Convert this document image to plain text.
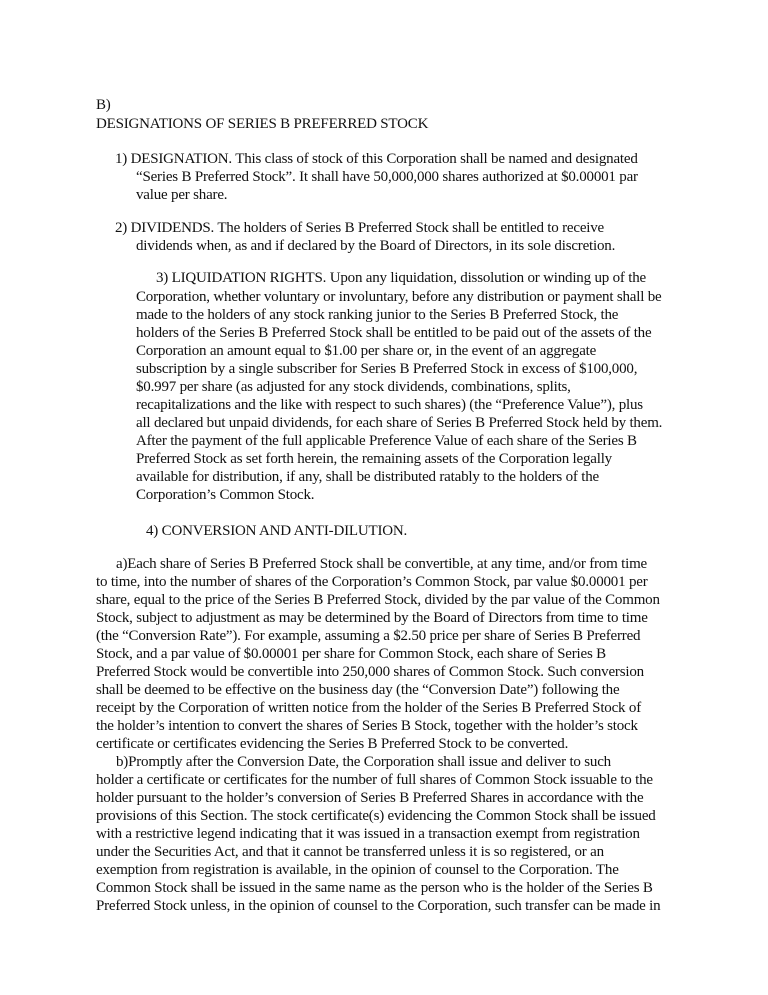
B)
DESIGNATIONS OF SERIES B PREFERRED STOCK
1) DESIGNATION. This class of stock of this Corporation shall be named and designated
“Series B Preferred Stock”. It shall have 50,000,000 shares authorized at $0.00001 par
value per share.
2) DIVIDENDS. The holders of Series B Preferred Stock shall be entitled to receive
dividends when, as and if declared by the Board of Directors, in its sole discretion.
3) LIQUIDATION RIGHTS. Upon any liquidation, dissolution or winding up of the
Corporation, whether voluntary or involuntary, before any distribution or payment shall be
made to the holders of any stock ranking junior to the Series B Preferred Stock, the
holders of the Series B Preferred Stock shall be entitled to be paid out of the assets of the
Corporation an amount equal to $1.00 per share or, in the event of an aggregate
subscription by a single subscriber for Series B Preferred Stock in excess of $100,000,
$0.997 per share (as adjusted for any stock dividends, combinations, splits,
recapitalizations and the like with respect to such shares) (the “Preference Value”), plus
all declared but unpaid dividends, for each share of Series B Preferred Stock held by them.
After the payment of the full applicable Preference Value of each share of the Series B
Preferred Stock as set forth herein, the remaining assets of the Corporation legally
available for distribution, if any, shall be distributed ratably to the holders of the
Corporation’s Common Stock.
4) CONVERSION AND ANTI-DILUTION.
a)Each share of Series B Preferred Stock shall be convertible, at any time, and/or from time
to time, into the number of shares of the Corporation’s Common Stock, par value $0.00001 per
share, equal to the price of the Series B Preferred Stock, divided by the par value of the Common
Stock, subject to adjustment as may be determined by the Board of Directors from time to time
(the “Conversion Rate”). For example, assuming a $2.50 price per share of Series B Preferred
Stock, and a par value of $0.00001 per share for Common Stock, each share of Series B
Preferred Stock would be convertible into 250,000 shares of Common Stock. Such conversion
shall be deemed to be effective on the business day (the “Conversion Date”) following the
receipt by the Corporation of written notice from the holder of the Series B Preferred Stock of
the holder’s intention to convert the shares of Series B Stock, together with the holder’s stock
certificate or certificates evidencing the Series B Preferred Stock to be converted.
b)Promptly after the Conversion Date, the Corporation shall issue and deliver to such
holder a certificate or certificates for the number of full shares of Common Stock issuable to the
holder pursuant to the holder’s conversion of Series B Preferred Shares in accordance with the
provisions of this Section. The stock certificate(s) evidencing the Common Stock shall be issued
with a restrictive legend indicating that it was issued in a transaction exempt from registration
under the Securities Act, and that it cannot be transferred unless it is so registered, or an
exemption from registration is available, in the opinion of counsel to the Corporation. The
Common Stock shall be issued in the same name as the person who is the holder of the Series B
Preferred Stock unless, in the opinion of counsel to the Corporation, such transfer can be made in
